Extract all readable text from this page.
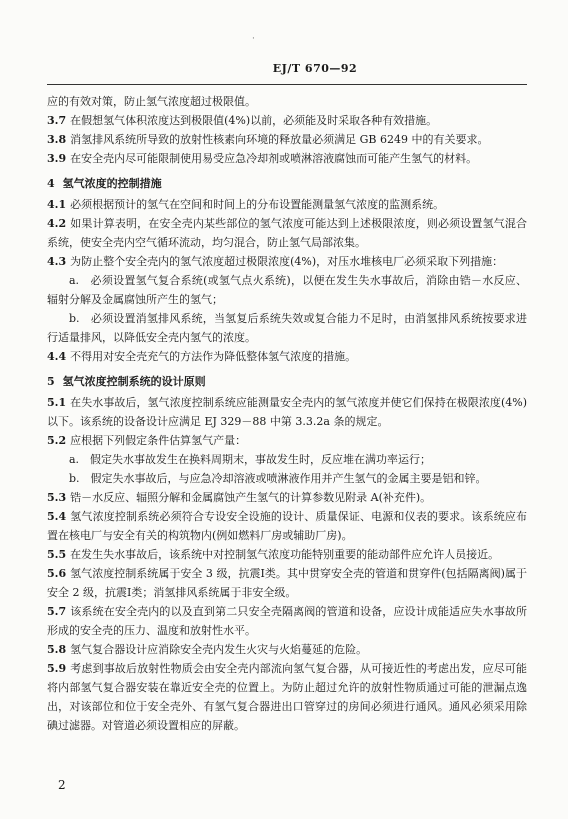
·
EJ/T 670—92

应的有效对策，防止氢气浓度超过极限值。

3.7 在假想氢气体积浓度达到极限值(4%)以前，必须能及时采取各种有效措施。

3.8 消氢排风系统所导致的放射性核素向环境的释放量必须满足 GB 6249 中的有关要求。

3.9 在安全壳内尽可能限制使用易受应急冷却剂或喷淋溶液腐蚀而可能产生氢气的材料。

4 氢气浓度的控制措施

4.1 必须根据预计的氢气在空间和时间上的分布设置能测量氢气浓度的监测系统。

4.2 如果计算表明，在安全壳内某些部位的氢气浓度可能达到上述极限浓度，则必须设置氢气混合系统，使安全壳内空气循环流动，均匀混合，防止氢气局部浓集。

4.3 为防止整个安全壳内的氢气浓度超过极限浓度(4%)，对压水堆核电厂必须采取下列措施：

a.　必须设置氢气复合系统(或氢气点火系统)，以便在发生失水事故后，消除由锆－水反应、辐射分解及金属腐蚀所产生的氢气；

b.　必须设置消氢排风系统，当氢复后系统失效或复合能力不足时，由消氢排风系统按要求进行适量排风，以降低安全壳内氢气的浓度。

4.4 不得用对安全壳充气的方法作为降低整体氢气浓度的措施。

5 氢气浓度控制系统的设计原则

5.1 在失水事故后，氢气浓度控制系统应能测量安全壳内的氢气浓度并使它们保持在极限浓度(4%)以下。该系统的设备设计应满足 EJ 329－88 中第 3.3.2a 条的规定。

5.2 应根据下列假定条件估算氢气产量：

a.　假定失水事故发生在换料周期末，事故发生时，反应堆在满功率运行；

b.　假定失水事故后，与应急冷却溶液或喷淋液作用并产生氢气的金属主要是铝和锌。

5.3 锆－水反应、辐照分解和金属腐蚀产生氢气的计算参数见附录 A(补充件)。

5.4 氢气浓度控制系统必须符合专设安全设施的设计、质量保证、电源和仪表的要求。该系统应布置在核电厂与安全有关的构筑物内(例如燃料厂房或辅助厂房)。

5.5 在发生失水事故后，该系统中对控制氢气浓度功能特别重要的能动部件应允许人员接近。

5.6 氢气浓度控制系统属于安全 3 级，抗震Ⅰ类。其中贯穿安全壳的管道和贯穿件(包括隔离阀)属于安全 2 级，抗震Ⅰ类；消氢排风系统属于非安全级。

5.7 该系统在安全壳内的以及直到第二只安全壳隔离阀的管道和设备，应设计成能适应失水事故所形成的安全壳的压力、温度和放射性水平。

5.8 氢气复合器设计应消除安全壳内发生火灾与火焰蔓延的危险。

5.9 考虑到事故后放射性物质会由安全壳内部流向氢气复合器，从可接近性的考虑出发，应尽可能将内部氢气复合器安装在靠近安全壳的位置上。为防止超过允许的放射性物质通过可能的泄漏点逸出，对该部位和位于安全壳外、有氢气复合器进出口管穿过的房间必须进行通风。通风必须采用除碘过滤器。对管道必须设置相应的屏蔽。

2
